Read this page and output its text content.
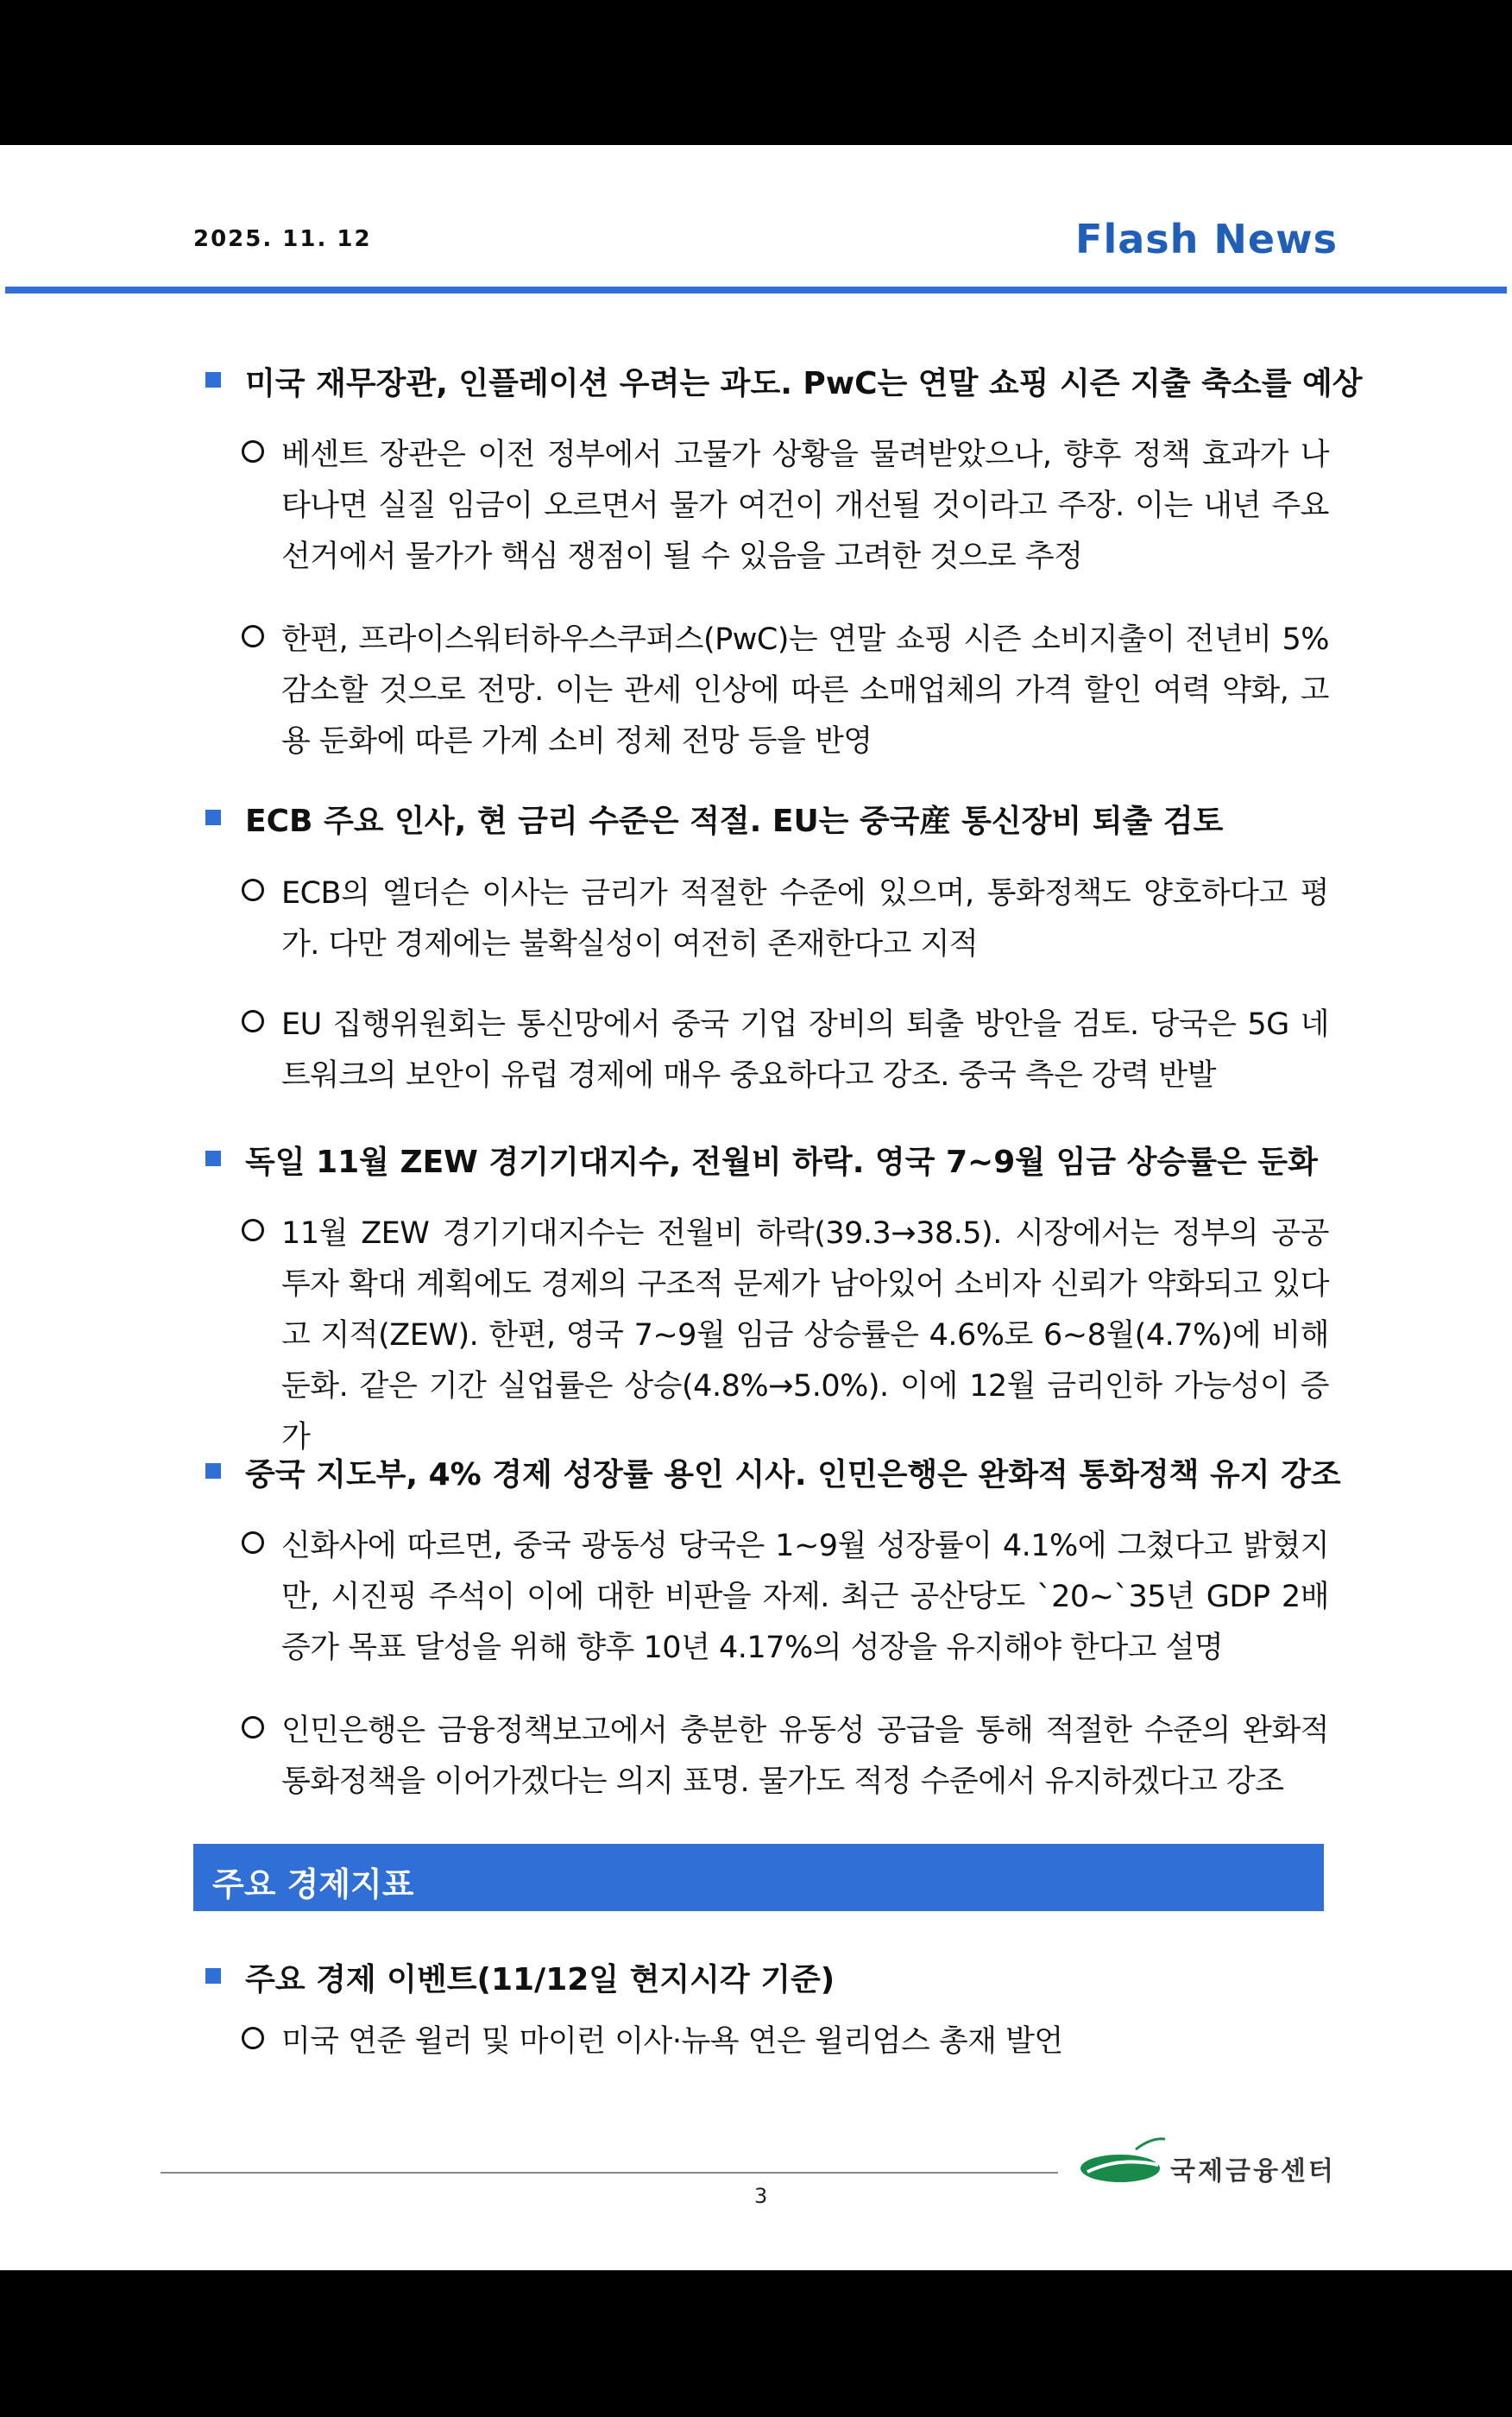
2025. 11. 12	Flash News
미국 재무장관, 인플레이션 우려는 과도. PwC는 연말 쇼핑 시즌 지출 축소를 예상
베센트 장관은 이전 정부에서 고물가 상황을 물려받았으나, 향후 정책 효과가 나타나면 실질 임금이 오르면서 물가 여건이 개선될 것이라고 주장. 이는 내년 주요 선거에서 물가가 핵심 쟁점이 될 수 있음을 고려한 것으로 추정
한편, 프라이스워터하우스쿠퍼스(PwC)는 연말 쇼핑 시즌 소비지출이 전년비 5% 감소할 것으로 전망. 이는 관세 인상에 따른 소매업체의 가격 할인 여력 약화, 고용 둔화에 따른 가계 소비 정체 전망 등을 반영
ECB 주요 인사, 현 금리 수준은 적절. EU는 중국産 통신장비 퇴출 검토
ECB의 엘더슨 이사는 금리가 적절한 수준에 있으며, 통화정책도 양호하다고 평가. 다만 경제에는 불확실성이 여전히 존재한다고 지적
EU 집행위원회는 통신망에서 중국 기업 장비의 퇴출 방안을 검토. 당국은 5G 네트워크의 보안이 유럽 경제에 매우 중요하다고 강조. 중국 측은 강력 반발
독일 11월 ZEW 경기기대지수, 전월비 하락. 영국 7~9월 임금 상승률은 둔화
11월 ZEW 경기기대지수는 전월비 하락(39.3→38.5). 시장에서는 정부의 공공투자 확대 계획에도 경제의 구조적 문제가 남아있어 소비자 신뢰가 약화되고 있다고 지적(ZEW). 한편, 영국 7~9월 임금 상승률은 4.6%로 6~8월(4.7%)에 비해 둔화. 같은 기간 실업률은 상승(4.8%→5.0%). 이에 12월 금리인하 가능성이 증가
중국 지도부, 4% 경제 성장률 용인 시사. 인민은행은 완화적 통화정책 유지 강조
신화사에 따르면, 중국 광동성 당국은 1~9월 성장률이 4.1%에 그쳤다고 밝혔지만, 시진핑 주석이 이에 대한 비판을 자제. 최근 공산당도 `20~`35년 GDP 2배 증가 목표 달성을 위해 향후 10년 4.17%의 성장을 유지해야 한다고 설명
인민은행은 금융정책보고에서 충분한 유동성 공급을 통해 적절한 수준의 완화적 통화정책을 이어가겠다는 의지 표명. 물가도 적정 수준에서 유지하겠다고 강조
주요 경제지표
주요 경제 이벤트(11/12일 현지시각 기준)
미국 연준 윌러 및 마이런 이사·뉴욕 연은 윌리엄스 총재 발언
국제금융센터
3
